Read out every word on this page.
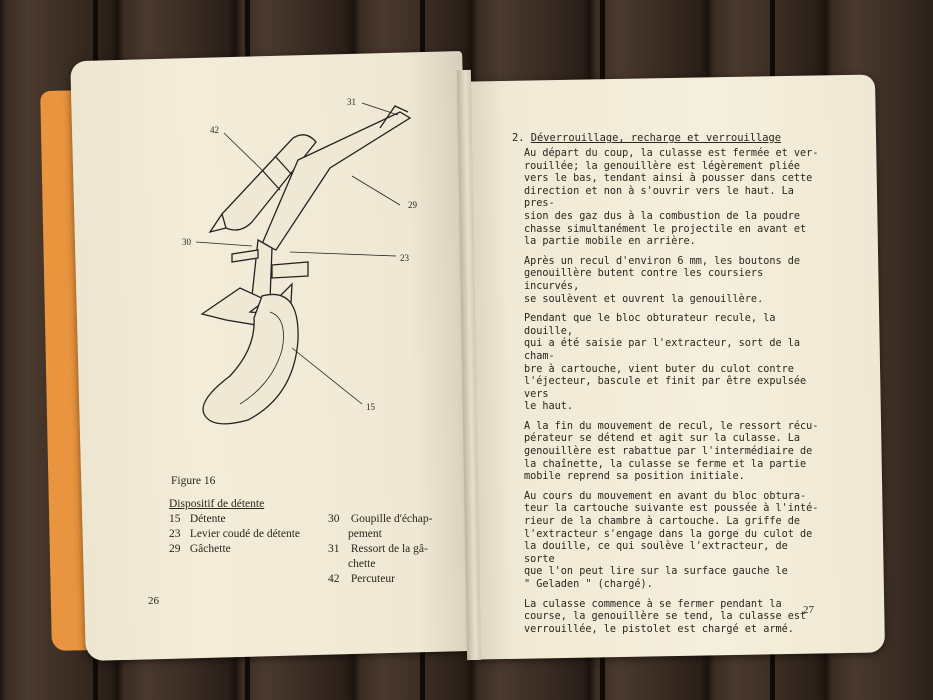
31
42
29
30
23
15
Figure 16
Dispositif de détente
15 Détente
23 Levier coudé de détente
29 Gâchette
30 Goupille d'échap-
pement
31 Ressort de la gâ-
chette
42 Percuteur
26
2. Déverrouillage, recharge et verrouillage

Au départ du coup, la culasse est fermée et ver-
rouillée; la genouillère est légèrement pliée
vers le bas, tendant ainsi à pousser dans cette
direction et non à s'ouvrir vers le haut. La pres-
sion des gaz dus à la combustion de la poudre
chasse simultanément le projectile en avant et
la partie mobile en arrière.

Après un recul d'environ 6 mm, les boutons de
genouillère butent contre les coursiers incurvés,
se soulèvent et ouvrent la genouillère.

Pendant que le bloc obturateur recule, la douille,
qui a été saisie par l'extracteur, sort de la cham-
bre à cartouche, vient buter du culot contre
l'éjecteur, bascule et finit par être expulsée vers
le haut.

A la fin du mouvement de recul, le ressort récu-
pérateur se détend et agit sur la culasse. La
genouillère est rabattue par l'intermédiaire de
la chaînette, la culasse se ferme et la partie
mobile reprend sa position initiale.

Au cours du mouvement en avant du bloc obtura-
teur la cartouche suivante est poussée à l'inté-
rieur de la chambre à cartouche. La griffe de
l'extracteur s'engage dans la gorge du culot de
la douille, ce qui soulève l'extracteur, de sorte
que l'on peut lire sur la surface gauche le
" Geladen " (chargé).

La culasse commence à se fermer pendant la
course, la genouillère se tend, la culasse est
verrouillée, le pistolet est chargé et armé.

27
